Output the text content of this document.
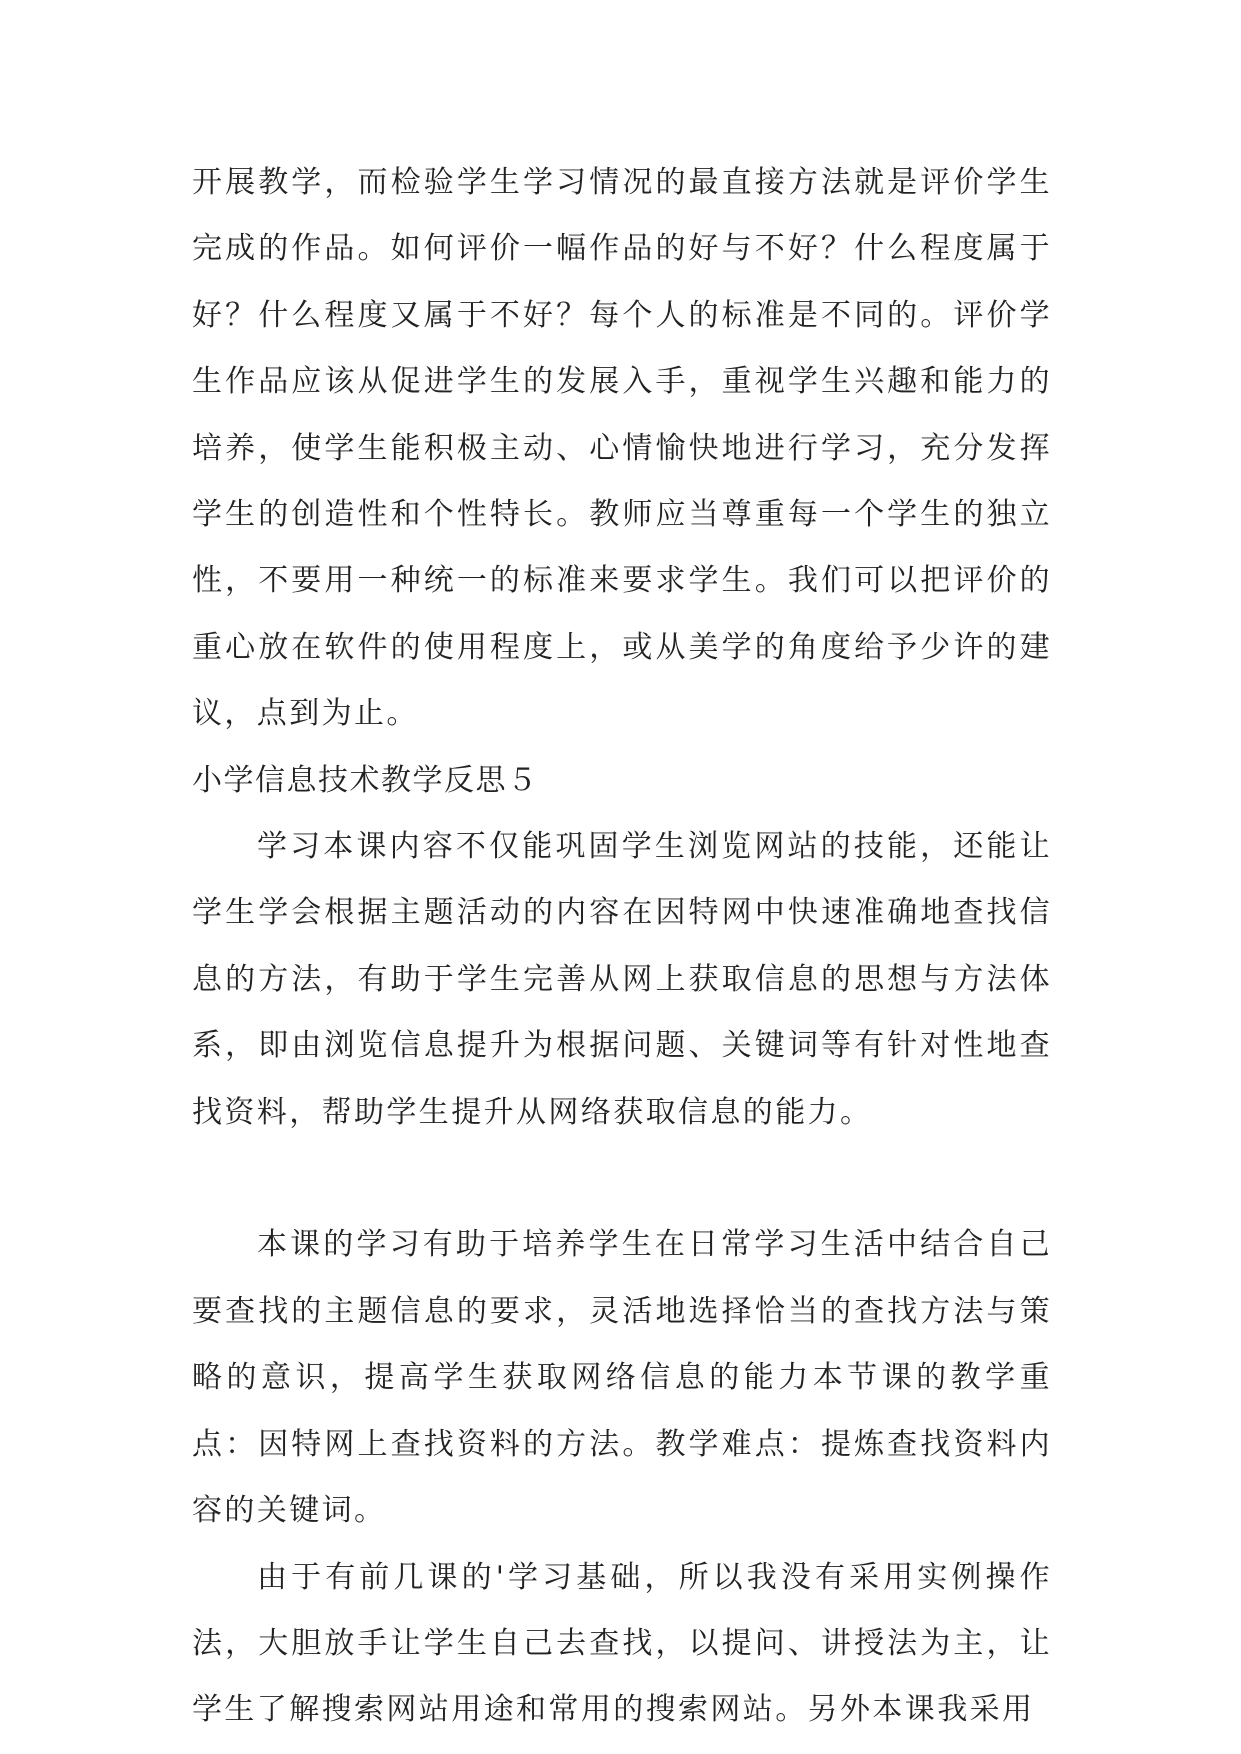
开展教学，而检验学生学习情况的最直接方法就是评价学生完成的作品。如何评价一幅作品的好与不好？什么程度属于好？什么程度又属于不好？每个人的标准是不同的。评价学生作品应该从促进学生的发展入手，重视学生兴趣和能力的培养，使学生能积极主动、心情愉快地进行学习，充分发挥学生的创造性和个性特长。教师应当尊重每一个学生的独立性，不要用一种统一的标准来要求学生。我们可以把评价的重心放在软件的使用程度上，或从美学的角度给予少许的建议，点到为止。

小学信息技术教学反思５

学习本课内容不仅能巩固学生浏览网站的技能，还能让学生学会根据主题活动的内容在因特网中快速准确地查找信息的方法，有助于学生完善从网上获取信息的思想与方法体系，即由浏览信息提升为根据问题、关键词等有针对性地查找资料，帮助学生提升从网络获取信息的能力。

本课的学习有助于培养学生在日常学习生活中结合自己要查找的主题信息的要求，灵活地选择恰当的查找方法与策略的意识，提高学生获取网络信息的能力本节课的教学重点：因特网上查找资料的方法。教学难点：提炼查找资料内容的关键词。

由于有前几课的'学习基础，所以我没有采用实例操作法，大胆放手让学生自己去查找，以提问、讲授法为主，让学生了解搜索网站用途和常用的搜索网站。另外本课我采用
